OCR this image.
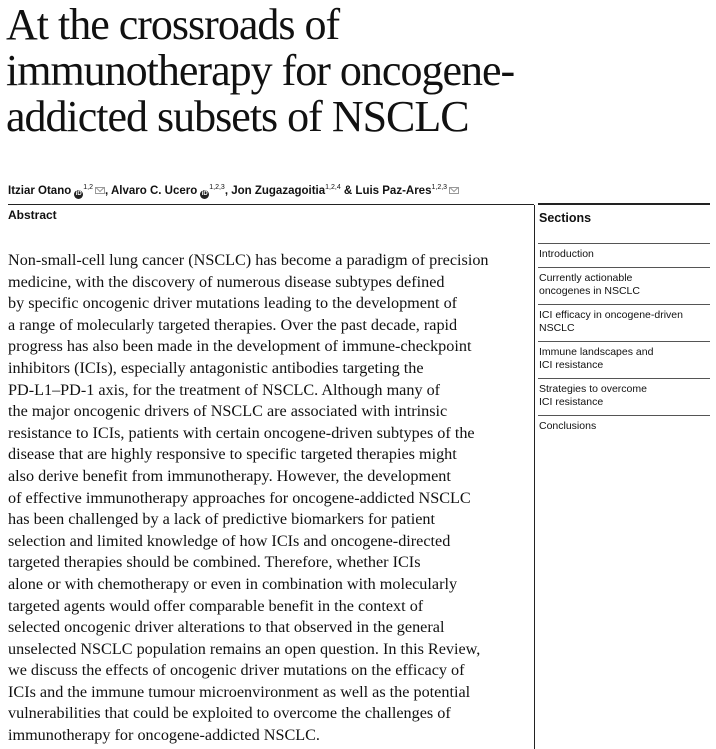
At the crossroads of
immunotherapy for oncogene-
addicted subsets of NSCLC
Itziar Otano iD$^{1,2}$ , Alvaro C. Ucero iD$^{1,2,3}$, Jon Zugazagoitia$^{1,2,4}$ & Luis Paz-Ares$^{1,2,3}$
Abstract

Non-small-cell lung cancer (NSCLC) has become a paradigm of precision
medicine, with the discovery of numerous disease subtypes defined
by specific oncogenic driver mutations leading to the development of
a range of molecularly targeted therapies. Over the past decade, rapid
progress has also been made in the development of immune-checkpoint
inhibitors (ICIs), especially antagonistic antibodies targeting the
PD-L1–PD-1 axis, for the treatment of NSCLC. Although many of
the major oncogenic drivers of NSCLC are associated with intrinsic
resistance to ICIs, patients with certain oncogene-driven subtypes of the
disease that are highly responsive to specific targeted therapies might
also derive benefit from immunotherapy. However, the development
of effective immunotherapy approaches for oncogene-addicted NSCLC
has been challenged by a lack of predictive biomarkers for patient
selection and limited knowledge of how ICIs and oncogene-directed
targeted therapies should be combined. Therefore, whether ICIs
alone or with chemotherapy or even in combination with molecularly
targeted agents would offer comparable benefit in the context of
selected oncogenic driver alterations to that observed in the general
unselected NSCLC population remains an open question. In this Review,
we discuss the effects of oncogenic driver mutations on the efficacy of
ICIs and the immune tumour microenvironment as well as the potential
vulnerabilities that could be exploited to overcome the challenges of
immunotherapy for oncogene-addicted NSCLC.

Sections
Introduction
Currently actionable
oncogenes in NSCLC
ICI efficacy in oncogene-driven
NSCLC
Immune landscapes and
ICI resistance
Strategies to overcome
ICI resistance
Conclusions
